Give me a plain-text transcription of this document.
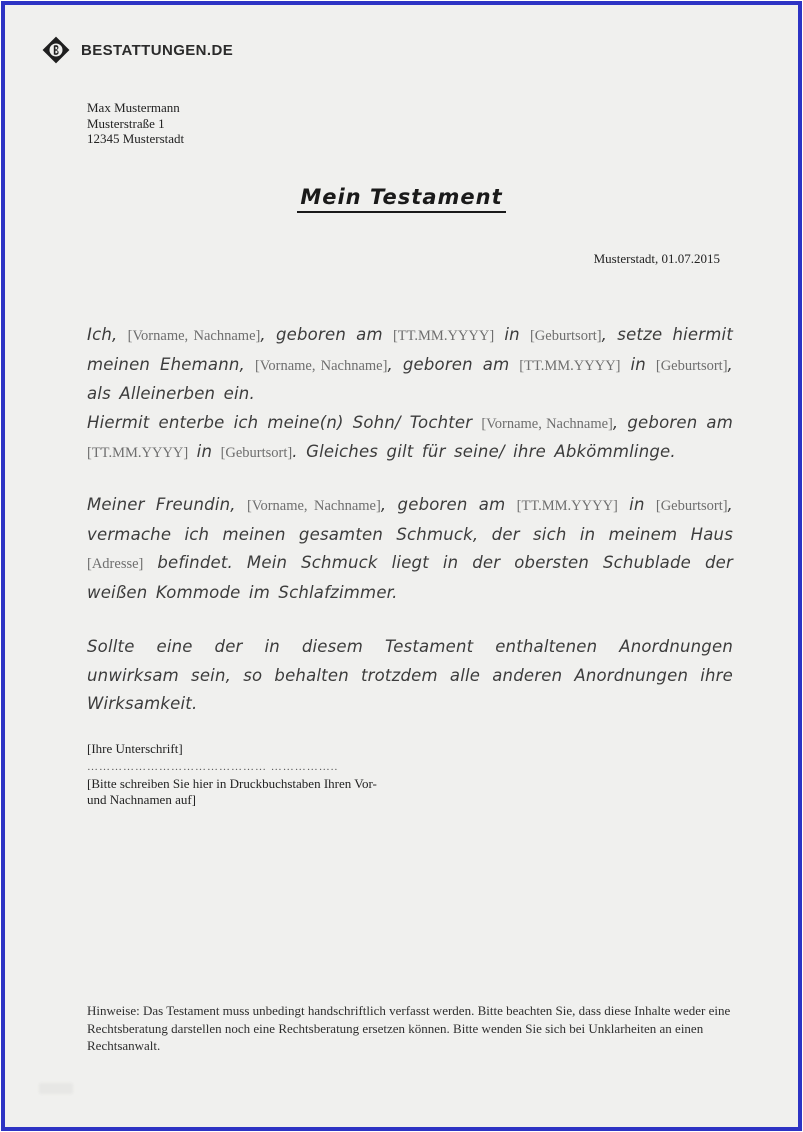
BESTATTUNGEN.DE
Max Mustermann
Musterstraße 1
12345 Musterstadt
Mein Testament
Musterstadt, 01.07.2015

Ich, [Vorname, Nachname], geboren am [TT.MM.YYYY] in [Geburtsort], setze hiermit meinen Ehemann, [Vorname, Nachname], geboren am [TT.MM.YYYY] in [Geburtsort], als Alleinerben ein.

Hiermit enterbe ich meine(n) Sohn/ Tochter [Vorname, Nachname], geboren am [TT.MM.YYYY] in [Geburtsort]. Gleiches gilt für seine/ ihre Abkömmlinge.

Meiner Freundin, [Vorname, Nachname], geboren am [TT.MM.YYYY] in [Geburtsort], vermache ich meinen gesamten Schmuck, der sich in meinem Haus [Adresse] befindet. Mein Schmuck liegt in der obersten Schublade der weißen Kommode im Schlafzimmer.

Sollte eine der in diesem Testament enthaltenen Anordnungen unwirksam sein, so behalten trotzdem alle anderen Anordnungen ihre Wirksamkeit.

[Ihre Unterschrift]
……………………………………… ……………..
[Bitte schreiben Sie hier in Druckbuchstaben Ihren Vor- und Nachnamen auf]
Hinweise: Das Testament muss unbedingt handschriftlich verfasst werden. Bitte beachten Sie, dass diese Inhalte weder eine Rechtsberatung darstellen noch eine Rechtsberatung ersetzen können. Bitte wenden Sie sich bei Unklarheiten an einen Rechtsanwalt.
